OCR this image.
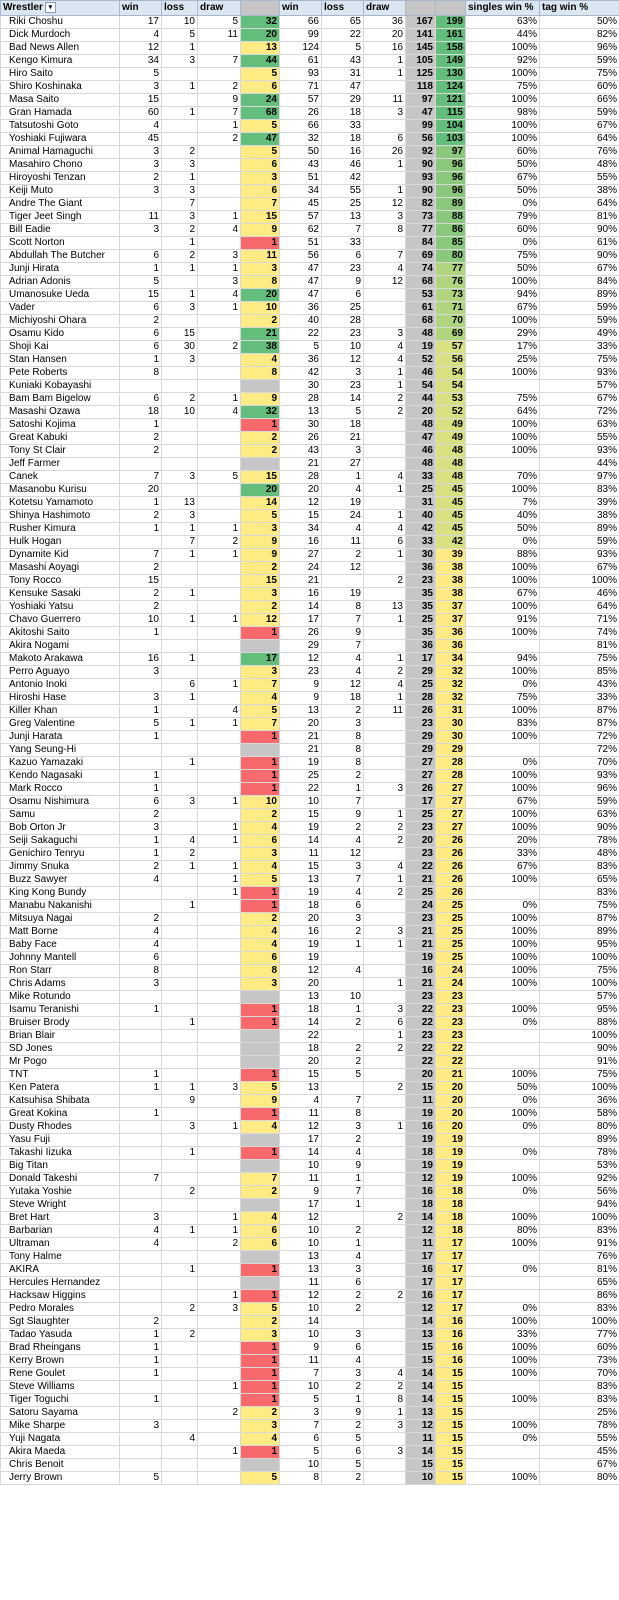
Wrestler ▾	win	loss	draw		win	loss	draw			singles win %	tag win %
Riki Choshu	17	10	5	32	66	65	36	167	199	63%	50%
Dick Murdoch	4	5	11	20	99	22	20	141	161	44%	82%
Bad News Allen	12	1		13	124	5	16	145	158	100%	96%
Kengo Kimura	34	3	7	44	61	43	1	105	149	92%	59%
Hiro Saito	5			5	93	31	1	125	130	100%	75%
Shiro Koshinaka	3	1	2	6	71	47		118	124	75%	60%
Masa Saito	15		9	24	57	29	11	97	121	100%	66%
Gran Hamada	60	1	7	68	26	18	3	47	115	98%	59%
Tatsutoshi Goto	4		1	5	66	33		99	104	100%	67%
Yoshiaki Fujiwara	45		2	47	32	18	6	56	103	100%	64%
Animal Hamaguchi	3	2		5	50	16	26	92	97	60%	76%
Masahiro Chono	3	3		6	43	46	1	90	96	50%	48%
Hiroyoshi Tenzan	2	1		3	51	42		93	96	67%	55%
Keiji Muto	3	3		6	34	55	1	90	96	50%	38%
Andre The Giant		7		7	45	25	12	82	89	0%	64%
Tiger Jeet Singh	11	3	1	15	57	13	3	73	88	79%	81%
Bill Eadie	3	2	4	9	62	7	8	77	86	60%	90%
Scott Norton		1		1	51	33		84	85	0%	61%
Abdullah The Butcher	6	2	3	11	56	6	7	69	80	75%	90%
Junji Hirata	1	1	1	3	47	23	4	74	77	50%	67%
Adrian Adonis	5		3	8	47	9	12	68	76	100%	84%
Umanosuke Ueda	15	1	4	20	47	6		53	73	94%	89%
Vader	6	3	1	10	36	25		61	71	67%	59%
Michiyoshi Ohara	2			2	40	28		68	70	100%	59%
Osamu Kido	6	15		21	22	23	3	48	69	29%	49%
Shoji Kai	6	30	2	38	5	10	4	19	57	17%	33%
Stan Hansen	1	3		4	36	12	4	52	56	25%	75%
Pete Roberts	8			8	42	3	1	46	54	100%	93%
Kuniaki Kobayashi					30	23	1	54	54		57%
Bam Bam Bigelow	6	2	1	9	28	14	2	44	53	75%	67%
Masashi Ozawa	18	10	4	32	13	5	2	20	52	64%	72%
Satoshi Kojima	1			1	30	18		48	49	100%	63%
Great Kabuki	2			2	26	21		47	49	100%	55%
Tony St Clair	2			2	43	3		46	48	100%	93%
Jeff Farmer					21	27		48	48		44%
Canek	7	3	5	15	28	1	4	33	48	70%	97%
Masanobu Kurisu	20			20	20	4	1	25	45	100%	83%
Kotetsu Yamamoto	1	13		14	12	19		31	45	7%	39%
Shinya Hashimoto	2	3		5	15	24	1	40	45	40%	38%
Rusher Kimura	1	1	1	3	34	4	4	42	45	50%	89%
Hulk Hogan		7	2	9	16	11	6	33	42	0%	59%
Dynamite Kid	7	1	1	9	27	2	1	30	39	88%	93%
Masashi Aoyagi	2			2	24	12		36	38	100%	67%
Tony Rocco	15			15	21		2	23	38	100%	100%
Kensuke Sasaki	2	1		3	16	19		35	38	67%	46%
Yoshiaki Yatsu	2			2	14	8	13	35	37	100%	64%
Chavo Guerrero	10	1	1	12	17	7	1	25	37	91%	71%
Akitoshi Saito	1			1	26	9		35	36	100%	74%
Akira Nogami					29	7		36	36		81%
Makoto Arakawa	16	1		17	12	4	1	17	34	94%	75%
Perro Aguayo	3			3	23	4	2	29	32	100%	85%
Antonio Inoki		6	1	7	9	12	4	25	32	0%	43%
Hiroshi Hase	3	1		4	9	18	1	28	32	75%	33%
Killer Khan	1		4	5	13	2	11	26	31	100%	87%
Greg Valentine	5	1	1	7	20	3		23	30	83%	87%
Junji Harata	1			1	21	8		29	30	100%	72%
Yang Seung-Hi					21	8		29	29		72%
Kazuo Yamazaki		1		1	19	8		27	28	0%	70%
Kendo Nagasaki	1			1	25	2		27	28	100%	93%
Mark Rocco	1			1	22	1	3	26	27	100%	96%
Osamu Nishimura	6	3	1	10	10	7		17	27	67%	59%
Samu	2			2	15	9	1	25	27	100%	63%
Bob Orton Jr	3		1	4	19	2	2	23	27	100%	90%
Seiji Sakaguchi	1	4	1	6	14	4	2	20	26	20%	78%
Genichiro Tenryu	1	2		3	11	12		23	26	33%	48%
Jimmy Snuka	2	1	1	4	15	3	4	22	26	67%	83%
Buzz Sawyer	4		1	5	13	7	1	21	26	100%	65%
King Kong Bundy			1	1	19	4	2	25	26		83%
Manabu Nakanishi		1		1	18	6		24	25	0%	75%
Mitsuya Nagai	2			2	20	3		23	25	100%	87%
Matt Borne	4			4	16	2	3	21	25	100%	89%
Baby Face	4			4	19	1	1	21	25	100%	95%
Johnny Mantell	6			6	19			19	25	100%	100%
Ron Starr	8			8	12	4		16	24	100%	75%
Chris Adams	3			3	20		1	21	24	100%	100%
Mike Rotundo					13	10		23	23		57%
Isamu Teranishi	1			1	18	1	3	22	23	100%	95%
Bruiser Brody		1		1	14	2	6	22	23	0%	88%
Brian Blair					22		1	23	23		100%
SD Jones					18	2	2	22	22		90%
Mr Pogo					20	2		22	22		91%
TNT	1			1	15	5		20	21	100%	75%
Ken Patera	1	1	3	5	13		2	15	20	50%	100%
Katsuhisa Shibata		9		9	4	7		11	20	0%	36%
Great Kokina	1			1	11	8		19	20	100%	58%
Dusty Rhodes		3	1	4	12	3	1	16	20	0%	80%
Yasu Fuji					17	2		19	19		89%
Takashi Iizuka		1		1	14	4		18	19	0%	78%
Big Titan					10	9		19	19		53%
Donald Takeshi	7			7	11	1		12	19	100%	92%
Yutaka Yoshie		2		2	9	7		16	18	0%	56%
Steve Wright					17	1		18	18		94%
Bret Hart	3		1	4	12		2	14	18	100%	100%
Barbarian	4	1	1	6	10	2		12	18	80%	83%
Ultraman	4		2	6	10	1		11	17	100%	91%
Tony Halme					13	4		17	17		76%
AKIRA		1		1	13	3		16	17	0%	81%
Hercules Hernandez					11	6		17	17		65%
Hacksaw Higgins			1	1	12	2	2	16	17		86%
Pedro Morales		2	3	5	10	2		12	17	0%	83%
Sgt Slaughter	2			2	14			14	16	100%	100%
Tadao Yasuda	1	2		3	10	3		13	16	33%	77%
Brad Rheingans	1			1	9	6		15	16	100%	60%
Kerry Brown	1			1	11	4		15	16	100%	73%
Rene Goulet	1			1	7	3	4	14	15	100%	70%
Steve Williams			1	1	10	2	2	14	15		83%
Tiger Toguchi	1			1	5	1	8	14	15	100%	83%
Satoru Sayama			2	2	3	9	1	13	15		25%
Mike Sharpe	3			3	7	2	3	12	15	100%	78%
Yuji Nagata		4		4	6	5		11	15	0%	55%
Akira Maeda			1	1	5	6	3	14	15		45%
Chris Benoit					10	5		15	15		67%
Jerry Brown	5			5	8	2		10	15	100%	80%
